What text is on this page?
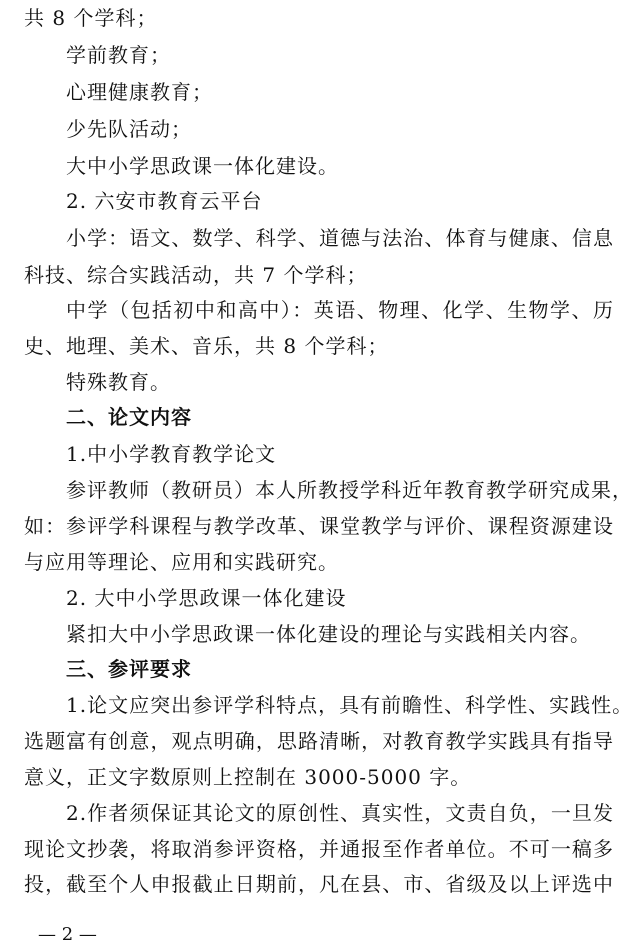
共 8 个学科；
学前教育；
心理健康教育；
少先队活动；
大中小学思政课一体化建设。
2. 六安市教育云平台
小学：语文、数学、科学、道德与法治、体育与健康、信息
科技、综合实践活动，共 7 个学科；
中学（包括初中和高中）：英语、物理、化学、生物学、历
史、地理、美术、音乐，共 8 个学科；
特殊教育。
二、论文内容
1.中小学教育教学论文
参评教师（教研员）本人所教授学科近年教育教学研究成果，
如：参评学科课程与教学改革、课堂教学与评价、课程资源建设
与应用等理论、应用和实践研究。
2. 大中小学思政课一体化建设
紧扣大中小学思政课一体化建设的理论与实践相关内容。
三、参评要求
1.论文应突出参评学科特点，具有前瞻性、科学性、实践性。
选题富有创意，观点明确，思路清晰，对教育教学实践具有指导
意义，正文字数原则上控制在 3000-5000 字。
2.作者须保证其论文的原创性、真实性，文责自负，一旦发
现论文抄袭，将取消参评资格，并通报至作者单位。不可一稿多
投，截至个人申报截止日期前，凡在县、市、省级及以上评选中
— 2 —
